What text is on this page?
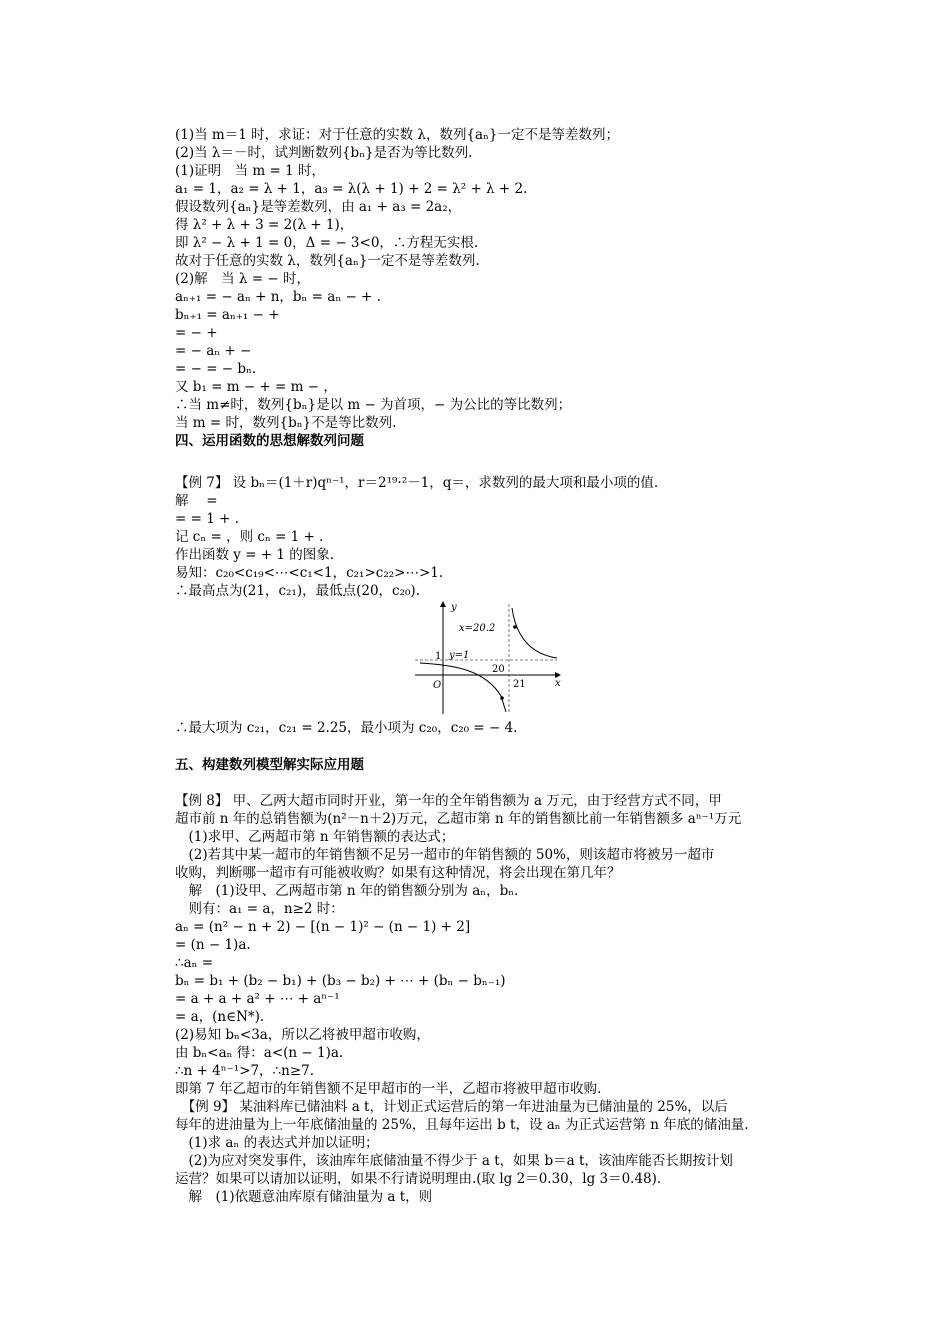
(1)当 m＝1 时，求证：对于任意的实数 λ，数列{aₙ}一定不是等差数列；
(2)当 λ＝－时，试判断数列{bₙ}是否为等比数列.
(1)证明　当 m = 1 时，
a₁ = 1，a₂ = λ + 1，a₃ = λ(λ + 1) + 2 = λ² + λ + 2.
假设数列{aₙ}是等差数列，由 a₁ + a₃ = 2a₂，
得 λ² + λ + 3 = 2(λ + 1)，
即 λ² − λ + 1 = 0，Δ = − 3<0，∴方程无实根.
故对于任意的实数 λ，数列{aₙ}一定不是等差数列.
(2)解　当 λ = − 时，
aₙ₊₁ = − aₙ + n，bₙ = aₙ − + .
bₙ₊₁ = aₙ₊₁ − +
= − +
= − aₙ + −
= − = − bₙ.
又 b₁ = m − + = m − ，
∴当 m≠时，数列{bₙ}是以 m − 为首项，− 为公比的等比数列；
当 m = 时，数列{bₙ}不是等比数列.
四、运用函数的思想解数列问题
【例 7】 设 bₙ＝(1＋r)qⁿ⁻¹，r＝2¹⁹·²－1，q＝，求数列的最大项和最小项的值.
解　 =
= = 1 + .
记 cₙ = ，则 cₙ = 1 + .
作出函数 y = + 1 的图象.
易知：c₂₀<c₁₉<⋯<c₁<1，c₂₁>c₂₂>⋯>1.
∴最高点为(21，c₂₁)，最低点(20，c₂₀).
y
x
O
x=20.2
y=1
1
20
21
∴最大项为 c₂₁，c₂₁ = 2.25，最小项为 c₂₀，c₂₀ = − 4.
五、构建数列模型解实际应用题
【例 8】 甲、乙两大超市同时开业，第一年的全年销售额为 a 万元，由于经营方式不同，甲
超市前 n 年的总销售额为(n²－n＋2)万元，乙超市第 n 年的销售额比前一年销售额多 aⁿ⁻¹万元
　(1)求甲、乙两超市第 n 年销售额的表达式；
　(2)若其中某一超市的年销售额不足另一超市的年销售额的 50%，则该超市将被另一超市
收购，判断哪一超市有可能被收购？如果有这种情况，将会出现在第几年？
　解　(1)设甲、乙两超市第 n 年的销售额分别为 aₙ，bₙ.
　则有：a₁ = a，n≥2 时：
aₙ = (n² − n + 2) − [(n − 1)² − (n − 1) + 2]
= (n − 1)a.
∴aₙ =
bₙ = b₁ + (b₂ − b₁) + (b₃ − b₂) + ⋯ + (bₙ − bₙ₋₁)
= a + a + a² + ⋯ + aⁿ⁻¹
= a，(n∈N*).
(2)易知 bₙ<3a，所以乙将被甲超市收购，
由 bₙ<aₙ 得：a<(n − 1)a.
∴n + 4ⁿ⁻¹>7，∴n≥7.
即第 7 年乙超市的年销售额不足甲超市的一半，乙超市将被甲超市收购.
　【例 9】 某油料库已储油料 a t，计划正式运营后的第一年进油量为已储油量的 25%，以后
每年的进油量为上一年底储油量的 25%，且每年运出 b t，设 aₙ 为正式运营第 n 年底的储油量.
　(1)求 aₙ 的表达式并加以证明；
　(2)为应对突发事件，该油库年底储油量不得少于 a t，如果 b＝a t，该油库能否长期按计划
运营？如果可以请加以证明，如果不行请说明理由.(取 lg 2＝0.30，lg 3＝0.48).
　解　(1)依题意油库原有储油量为 a t，则
